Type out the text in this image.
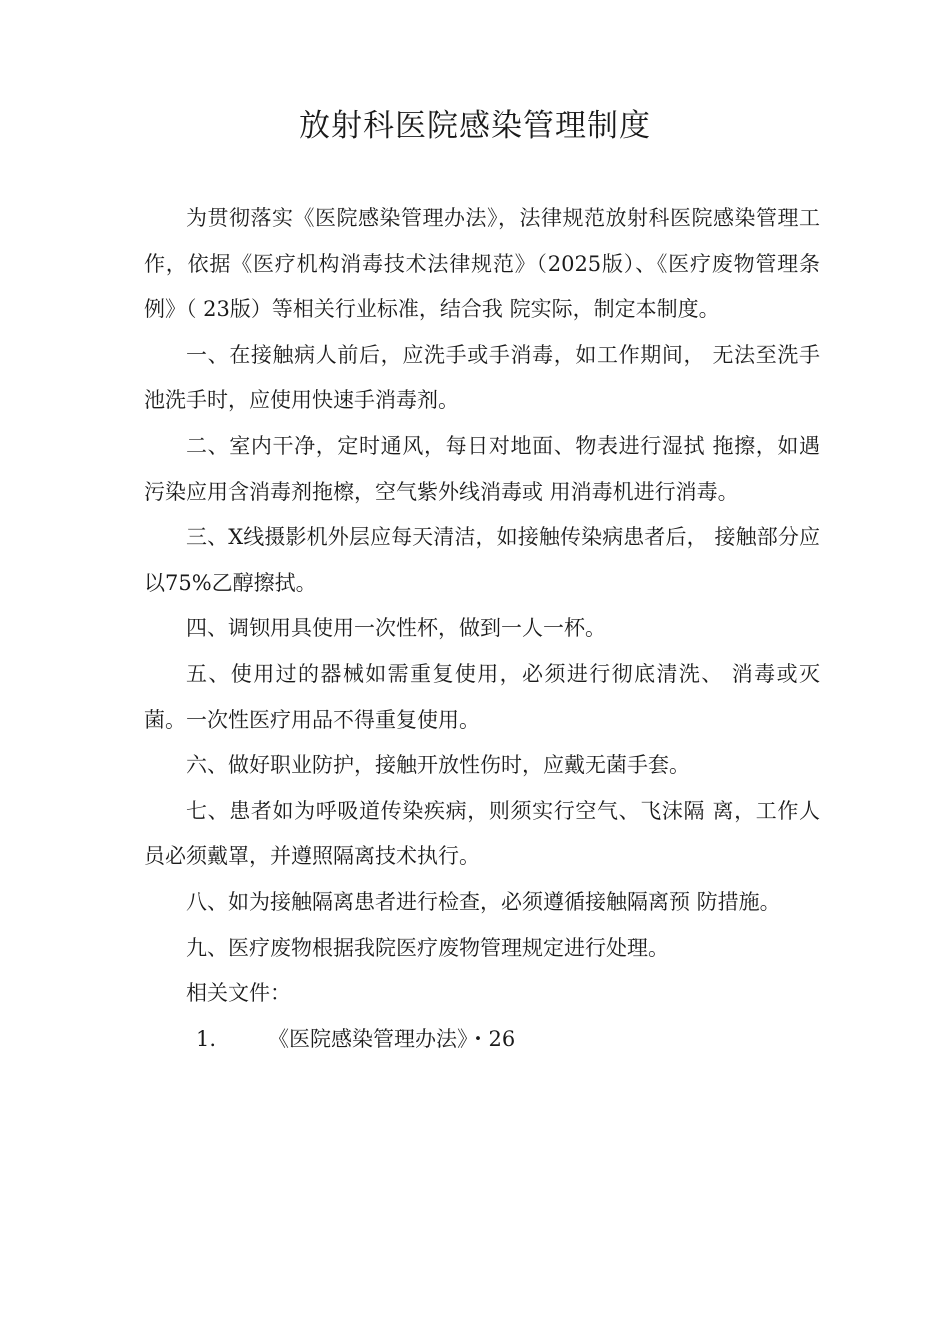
放射科医院感染管理制度

为贯彻落实《医院感染管理办法》，法律规范放射科医院感染管理工作，依据《医疗机构消毒技术法律规范》（2025版）、《医疗废物管理条例》（ 23版）等相关行业标准，结合我 院实际，制定本制度。

一、在接触病人前后，应洗手或手消毒，如工作期间， 无法至洗手池洗手时，应使用快速手消毒剂。

二、室内干净，定时通风，每日对地面、物表进行湿拭 拖擦，如遇污染应用含消毒剂拖檫，空气紫外线消毒或 用消毒机进行消毒。

三、X线摄影机外层应每天清洁，如接触传染病患者后， 接触部分应以75%乙醇擦拭。

四、调钡用具使用一次性杯，做到一人一杯。

五、使用过的器械如需重复使用，必须进行彻底清洗、 消毒或灭菌。一次性医疗用品不得重复使用。

六、做好职业防护，接触开放性伤时，应戴无菌手套。

七、患者如为呼吸道传染疾病，则须实行空气、飞沫隔 离，工作人员必须戴罩，并遵照隔离技术执行。

八、如为接触隔离患者进行检查，必须遵循接触隔离预 防措施。

九、医疗废物根据我院医疗废物管理规定进行处理。

相关文件：

1. 《医院感染管理办法》・26
